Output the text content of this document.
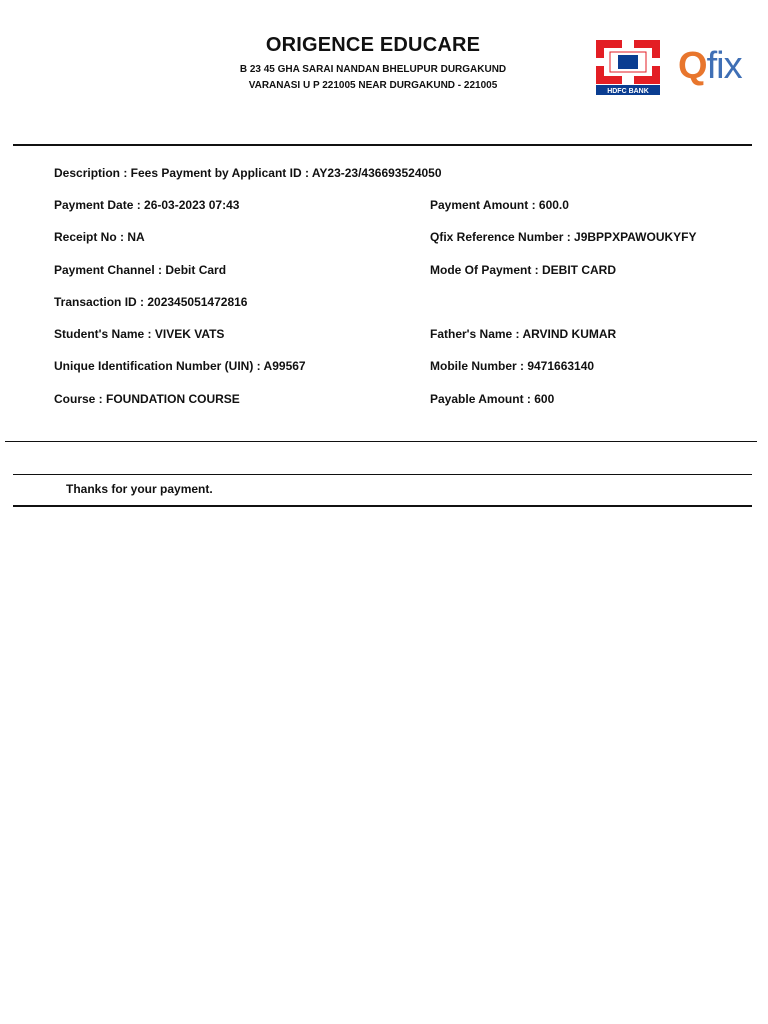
ORIGENCE EDUCARE
B 23 45 GHA SARAI NANDAN BHELUPUR DURGAKUND
VARANASI U P 221005 NEAR DURGAKUND - 221005
HDFC BANK
Qfix
Description : Fees Payment by Applicant ID : AY23-23/436693524050
Payment Date : 26-03-2023 07:43	Payment Amount : 600.0
Receipt No : NA	Qfix Reference Number : J9BPPXPAWOUKYFY
Payment Channel : Debit Card	Mode Of Payment : DEBIT CARD
Transaction ID : 202345051472816
Student's Name : VIVEK VATS	Father's Name : ARVIND KUMAR
Unique Identification Number (UIN) : A99567	Mobile Number : 9471663140
Course : FOUNDATION COURSE	Payable Amount : 600
Thanks for your payment.
